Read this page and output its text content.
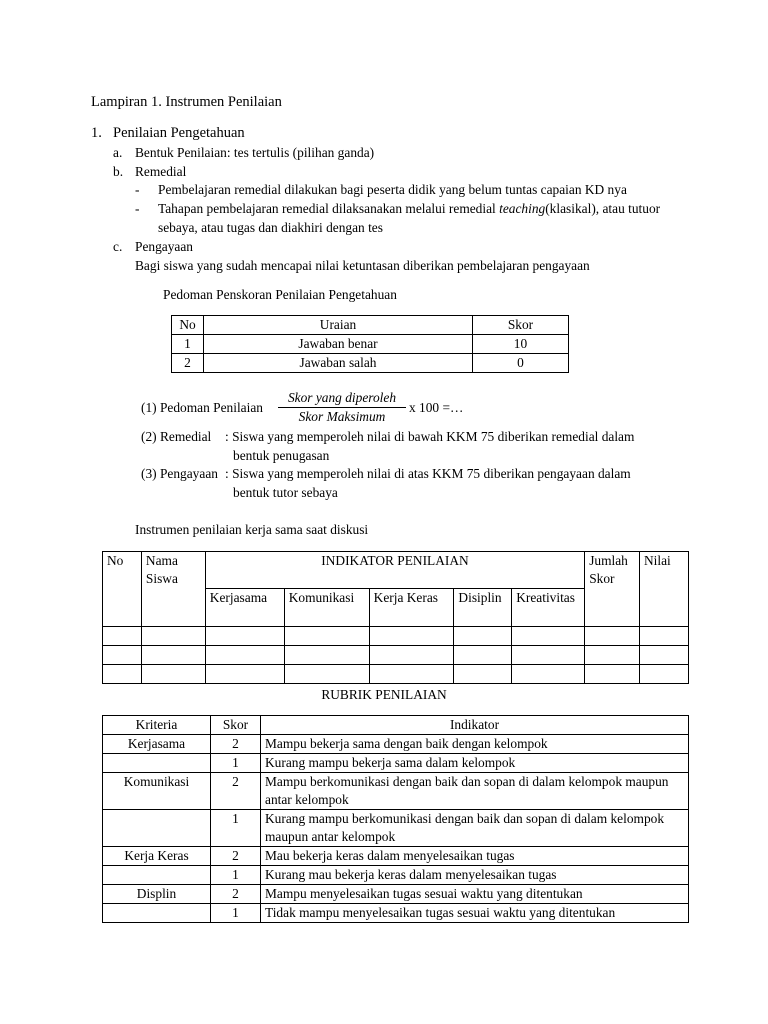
Lampiran 1. Instrumen Penilaian
1. Penilaian Pengetahuan
a. Bentuk Penilaian: tes tertulis (pilihan ganda)
b. Remedial
- Pembelajaran remedial dilakukan bagi peserta didik yang belum tuntas capaian KD nya
- Tahapan pembelajaran remedial dilaksanakan melalui remedial teaching(klasikal), atau tutuor
sebaya, atau tugas dan diakhiri dengan tes
c. Pengayaan
Bagi siswa yang sudah mencapai nilai ketuntasan diberikan pembelajaran pengayaan
Pedoman Penskoran Penilaian Pengetahuan
No	Uraian	Skor
1	Jawaban benar	10
2	Jawaban salah	0
(1) Pedoman Penilaian
Skor yang diperoleh
Skor Maksimum
x 100 =…
(2) Remedial : Siswa yang memperoleh nilai di bawah KKM 75 diberikan remedial dalam
bentuk penugasan
(3) Pengayaan : Siswa yang memperoleh nilai di atas KKM 75 diberikan pengayaan dalam
bentuk tutor sebaya
Instrumen penilaian kerja sama saat diskusi
No	Nama Siswa	INDIKATOR PENILAIAN					Jumlah Skor	Nilai
		Kerjasama	Komunikasi	Kerja Keras	Disiplin	Kreativitas		

RUBRIK PENILAIAN
Kriteria	Skor	Indikator
Kerjasama	2	Mampu bekerja sama dengan baik dengan kelompok
	1	Kurang mampu bekerja sama dalam kelompok
Komunikasi	2	Mampu berkomunikasi dengan baik dan sopan di dalam kelompok maupun antar kelompok
	1	Kurang mampu berkomunikasi dengan baik dan sopan di dalam kelompok maupun antar kelompok
Kerja Keras	2	Mau bekerja keras dalam menyelesaikan tugas
	1	Kurang mau bekerja keras dalam menyelesaikan tugas
Displin	2	Mampu menyelesaikan tugas sesuai waktu yang ditentukan
	1	Tidak mampu menyelesaikan tugas sesuai waktu yang ditentukan
